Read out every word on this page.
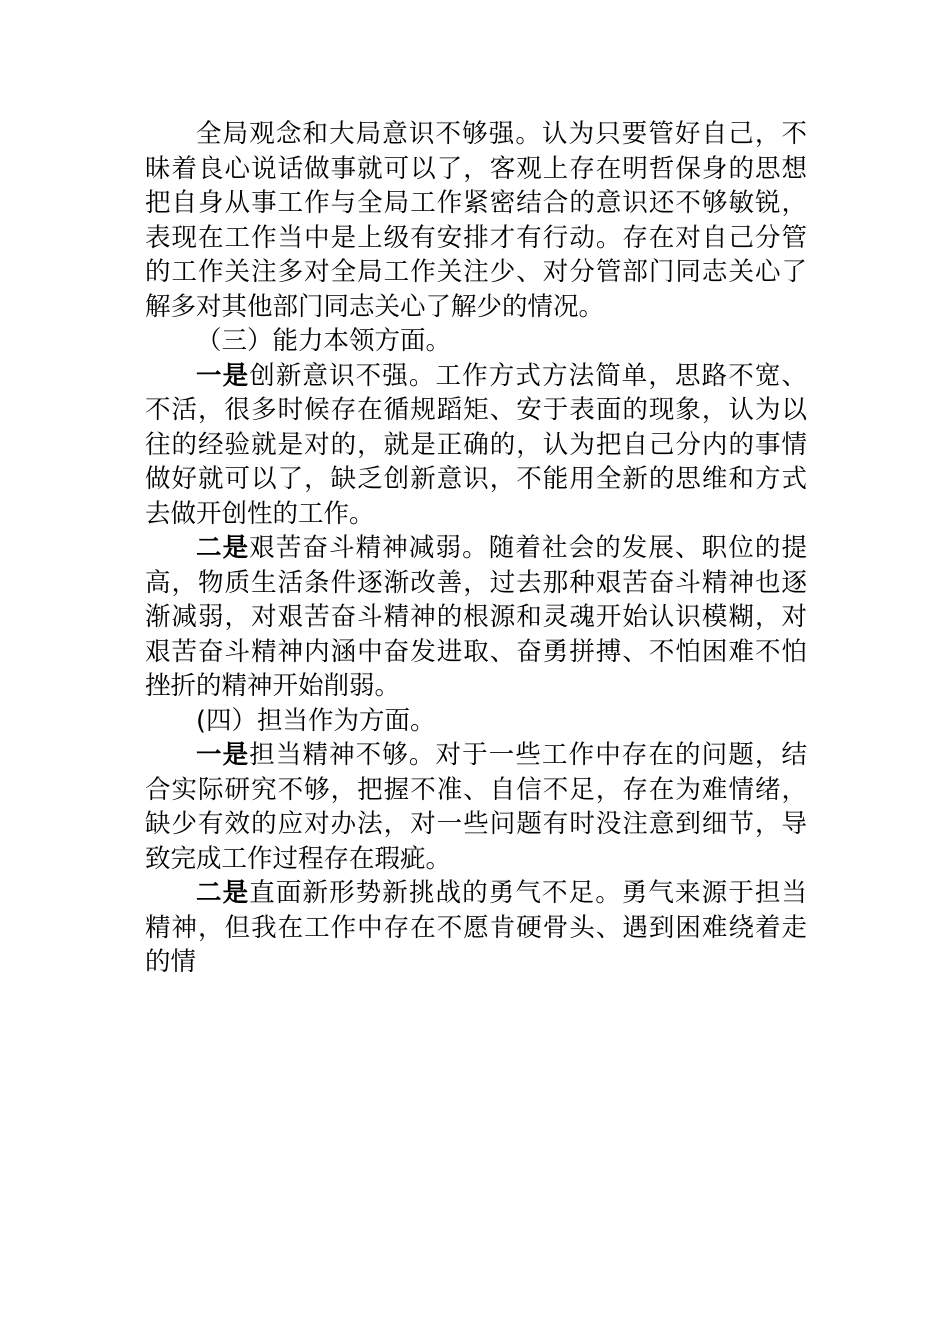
全局观念和大局意识不够强。认为只要管好自己，不昧着良心说话做事就可以了，客观上存在明哲保身的思想把自身从事工作与全局工作紧密结合的意识还不够敏锐，表现在工作当中是上级有安排才有行动。存在对自己分管的工作关注多对全局工作关注少、对分管部门同志关心了解多对其他部门同志关心了解少的情况。

（三）能力本领方面。

一是创新意识不强。工作方式方法简单，思路不宽、不活，很多时候存在循规蹈矩、安于表面的现象，认为以往的经验就是对的，就是正确的，认为把自己分内的事情做好就可以了，缺乏创新意识，不能用全新的思维和方式去做开创性的工作。

二是艰苦奋斗精神减弱。随着社会的发展、职位的提高，物质生活条件逐渐改善，过去那种艰苦奋斗精神也逐渐减弱，对艰苦奋斗精神的根源和灵魂开始认识模糊，对艰苦奋斗精神内涵中奋发进取、奋勇拼搏、不怕困难不怕挫折的精神开始削弱。

(四）担当作为方面。

一是担当精神不够。对于一些工作中存在的问题，结合实际研究不够，把握不准、自信不足，存在为难情绪，缺少有效的应对办法，对一些问题有时没注意到细节，导致完成工作过程存在瑕疵。

二是直面新形势新挑战的勇气不足。勇气来源于担当精神，但我在工作中存在不愿肯硬骨头、遇到困难绕着走的情
